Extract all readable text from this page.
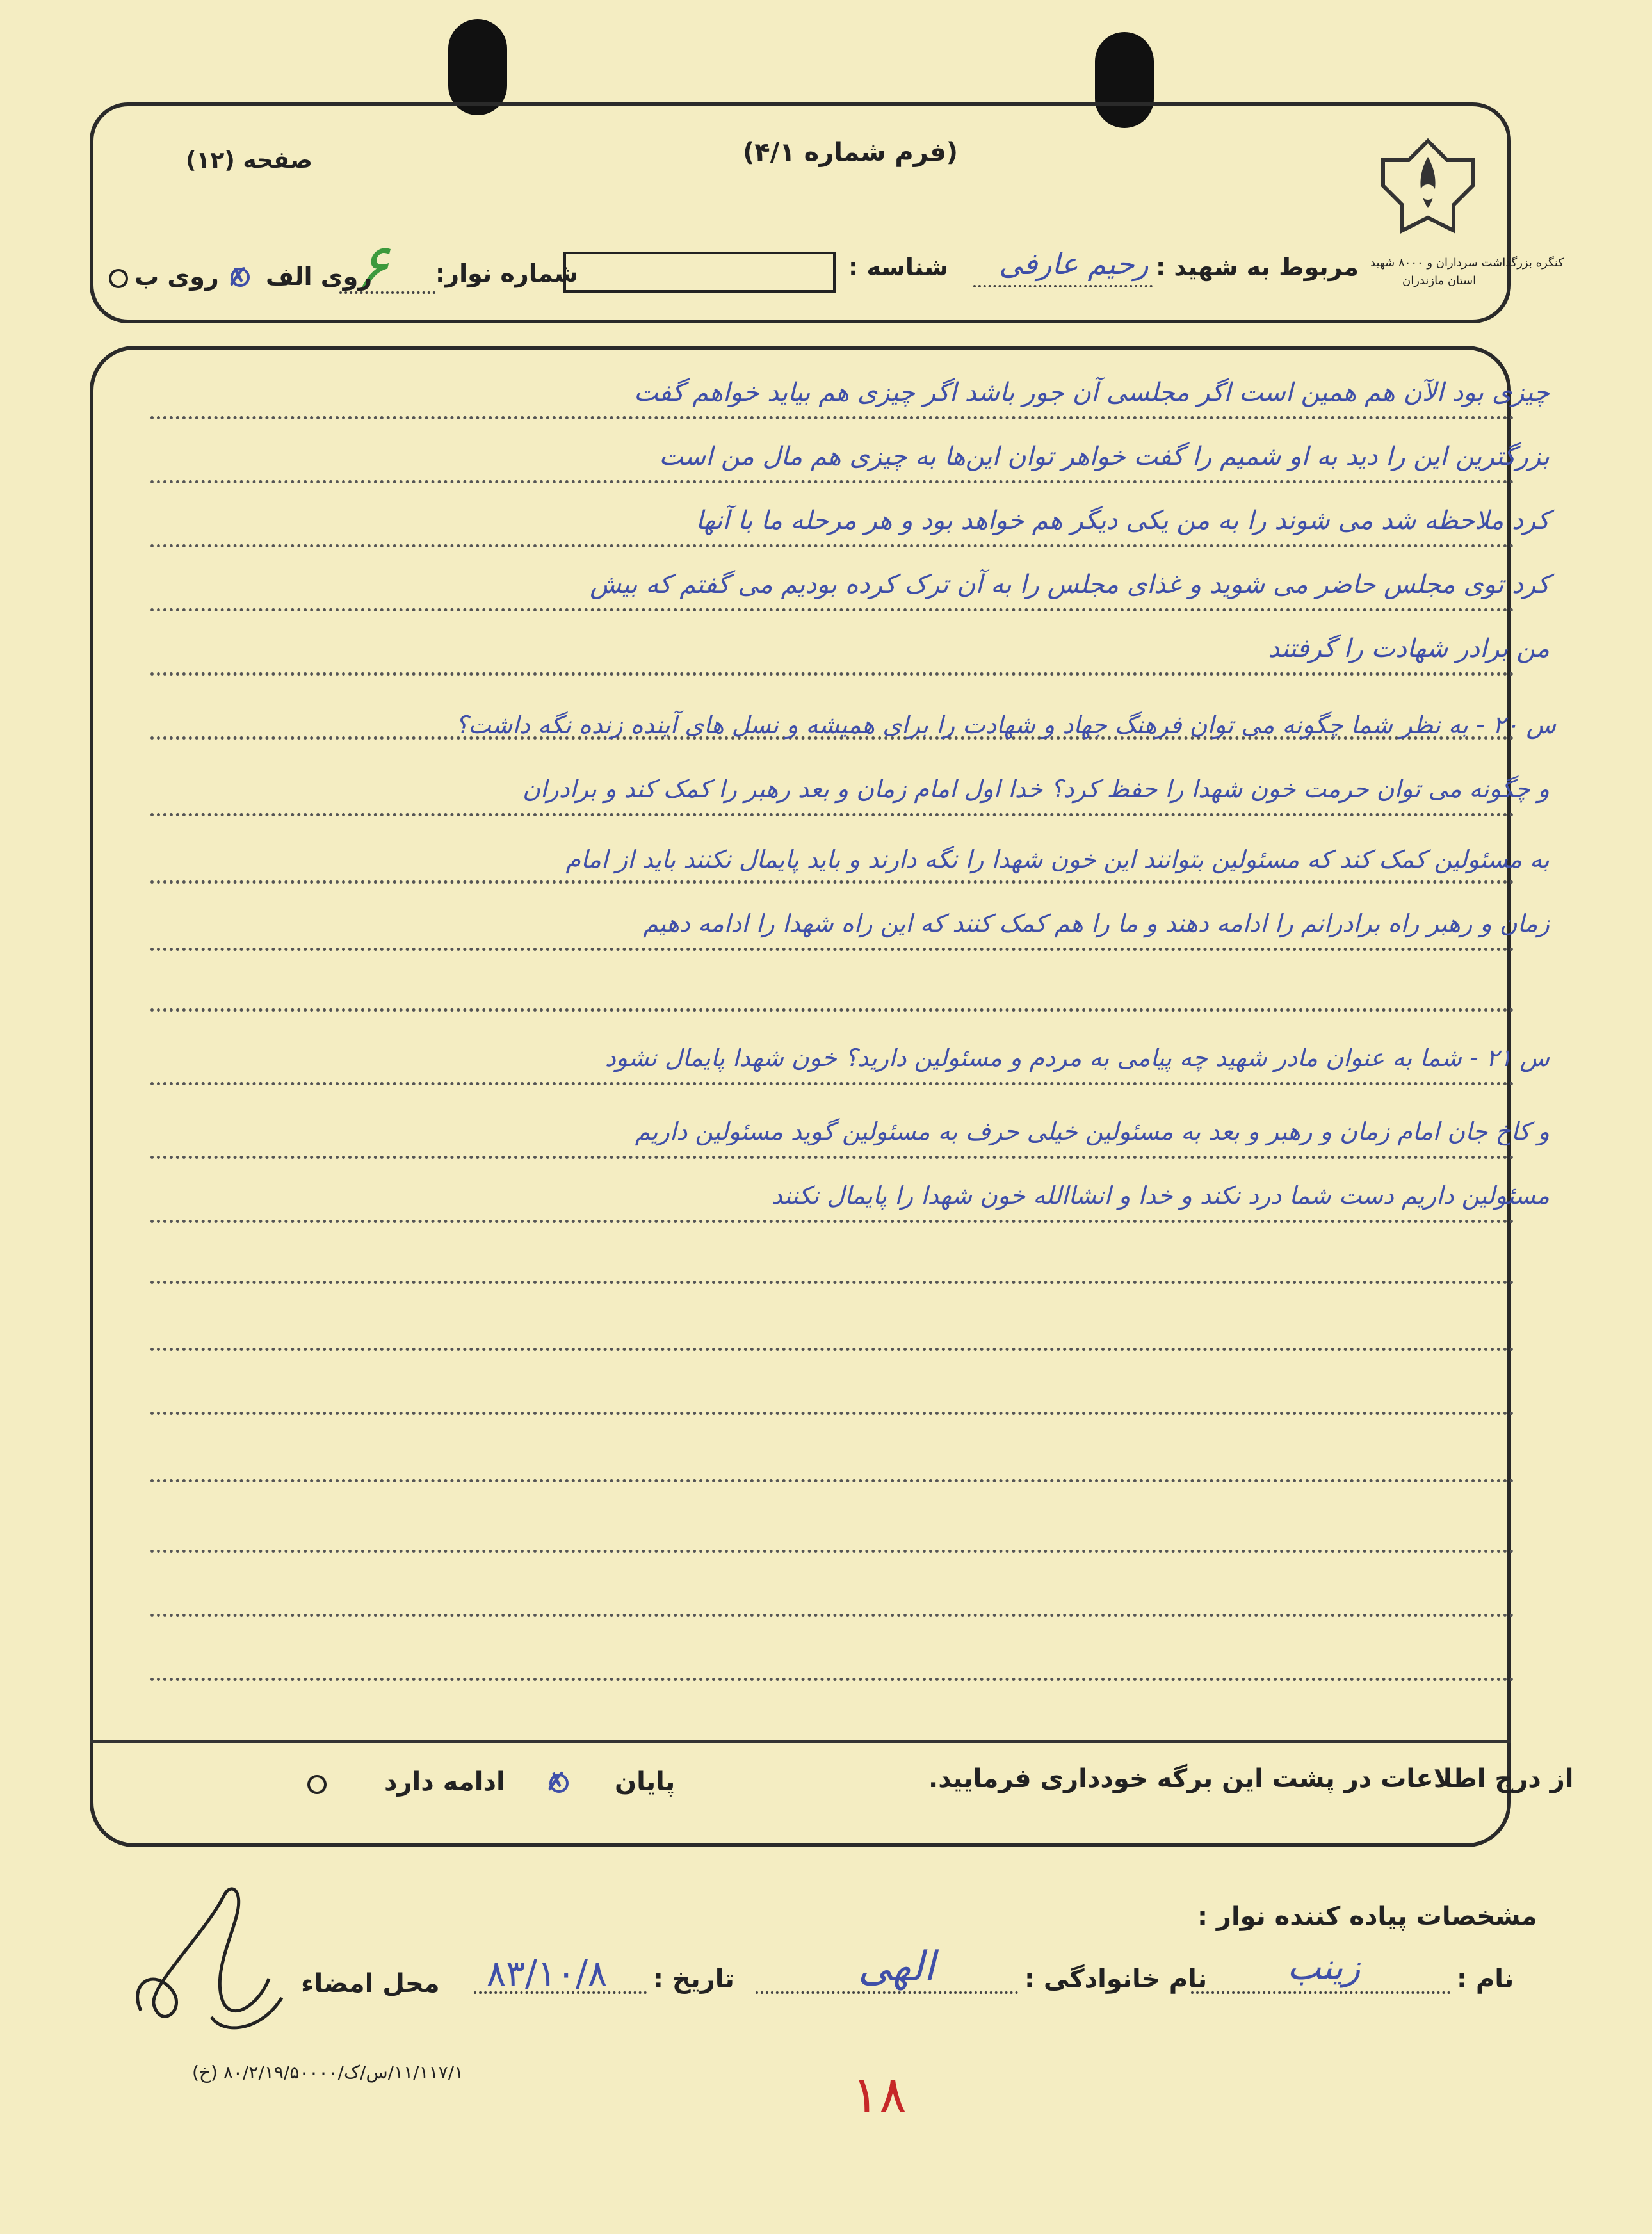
کنگره بزرگداشت سرداران و ۸۰۰۰ شهید
استان مازندران
(فرم شماره ۴/۱)
صفحه (۱۲)
مربوط به شهید :
رحیم عارفی
شناسه :
شماره نوار:
۶
روی الف
✗
روی ب
چیزی بود الآن هم همین است اگر مجلسی آن جور باشد اگر چیزی هم بیاید خواهم گفت
بزرگترین این را دید به او شمیم را گفت خواهر توان این‌ها به چیزی هم مال من است
کرد ملاحظه شد می شوند را به من یکی دیگر هم خواهد بود و هر مرحله ما با آنها
کرد توی مجلس حاضر می شوید و غذای مجلس را به آن ترک کرده بودیم می گفتم که بیش
من برادر شهادت را گرفتند
س ۲۰ - به نظر شما چگونه می توان فرهنگ جهاد و شهادت را برای همیشه و نسل های آینده زنده نگه داشت؟
و چگونه می توان حرمت خون شهدا را حفظ کرد؟ خدا اول امام زمان و بعد رهبر را کمک کند و برادران
به مسئولین کمک کند که مسئولین بتوانند این خون شهدا را نگه دارند و باید پایمال نکنند باید از امام
زمان و رهبر راه برادرانم را ادامه دهند و ما را هم کمک کنند که این راه شهدا را ادامه دهیم
س ۲۱ - شما به عنوان مادر شهید چه پیامی به مردم و مسئولین دارید؟ خون شهدا پایمال نشود
و کاخ جان امام زمان و رهبر و بعد به مسئولین خیلی حرف به مسئولین گوید مسئولین داریم
مسئولین داریم دست شما درد نکند و خدا و انشاالله خون شهدا را پایمال نکنند
از درج اطلاعات در پشت این برگه خودداری فرمایید.
پایان
✗
ادامه دارد
مشخصات پیاده کننده نوار :
نام :
زینب
نام خانوادگی :
الهی
تاریخ :
۸۳/۱۰/۸
محل امضاء
۱۱/۱۱۷/۱/س/ک/۸۰/۲/۱۹/۵۰۰۰۰ (خ)	۱۸
